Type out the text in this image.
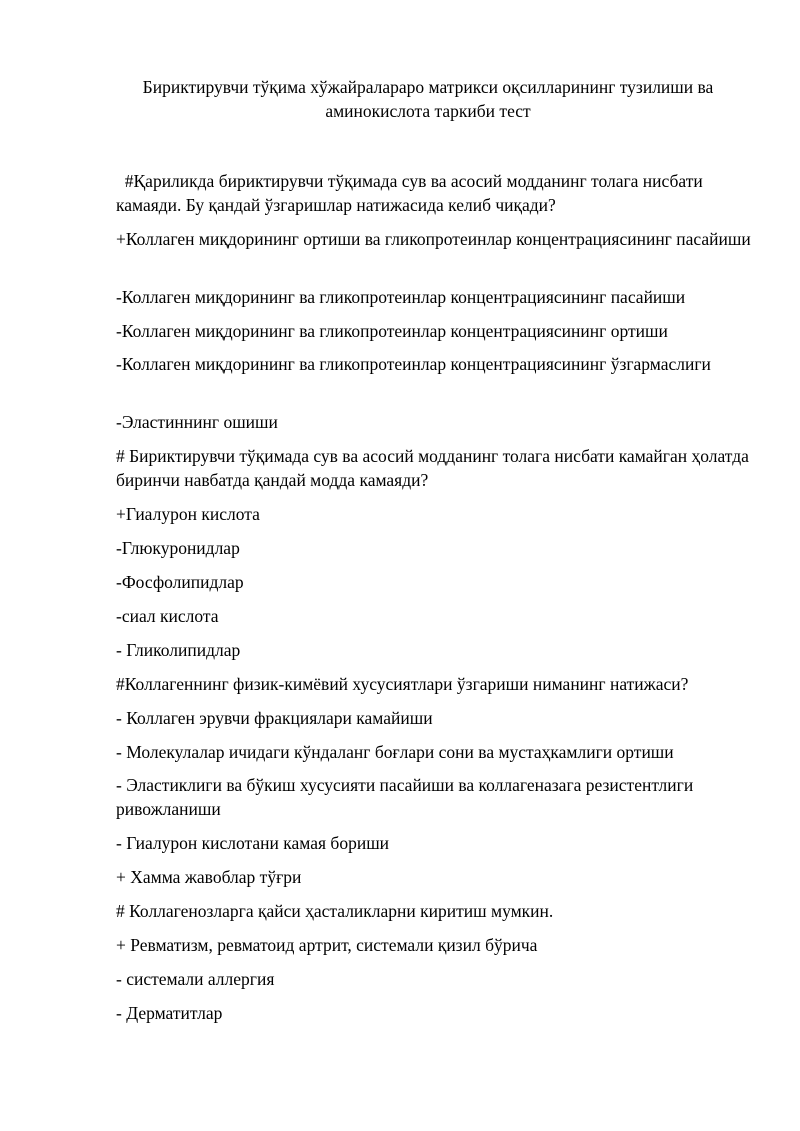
Бириктирувчи тўқима хўжайралараро матрикси оқсилларининг тузилиши ва аминокислота таркиби тест

#Қариликда бириктирувчи тўқимада сув ва асосий модданинг толага нисбати камаяди. Бу қандай ўзгаришлар натижасида келиб чиқади?

+Коллаген миқдорининг ортиши ва гликопротеинлар концентрациясининг пасайиши

-Коллаген миқдорининг ва гликопротеинлар концентрациясининг пасайиши

-Коллаген миқдорининг ва гликопротеинлар концентрациясининг ортиши

-Коллаген миқдорининг ва гликопротеинлар концентрациясининг ўзгармаслиги

-Эластиннинг ошиши

# Бириктирувчи тўқимада сув ва асосий модданинг толага нисбати камайган ҳолатда биринчи навбатда қандай модда камаяди?

+Гиалурон кислота

-Глюкуронидлар

-Фосфолипидлар

-сиал кислота

- Гликолипидлар

#Коллагеннинг физик-кимёвий хусусиятлари ўзгариши ниманинг натижаси?

- Коллаген эрувчи фракциялари камайиши

- Молекулалар ичидаги кўндаланг боғлари сони ва мустаҳкамлиги ортиши

- Эластиклиги ва бўкиш хусусияти пасайиши ва коллагеназага резистентлиги ривожланиши

- Гиалурон кислотани камая бориши

+ Хамма жавоблар тўғри

# Коллагенозларга қайси ҳасталикларни киритиш мумкин.

+ Ревматизм, ревматоид артрит, системали қизил бўрича

- системали аллергия

- Дерматитлар
